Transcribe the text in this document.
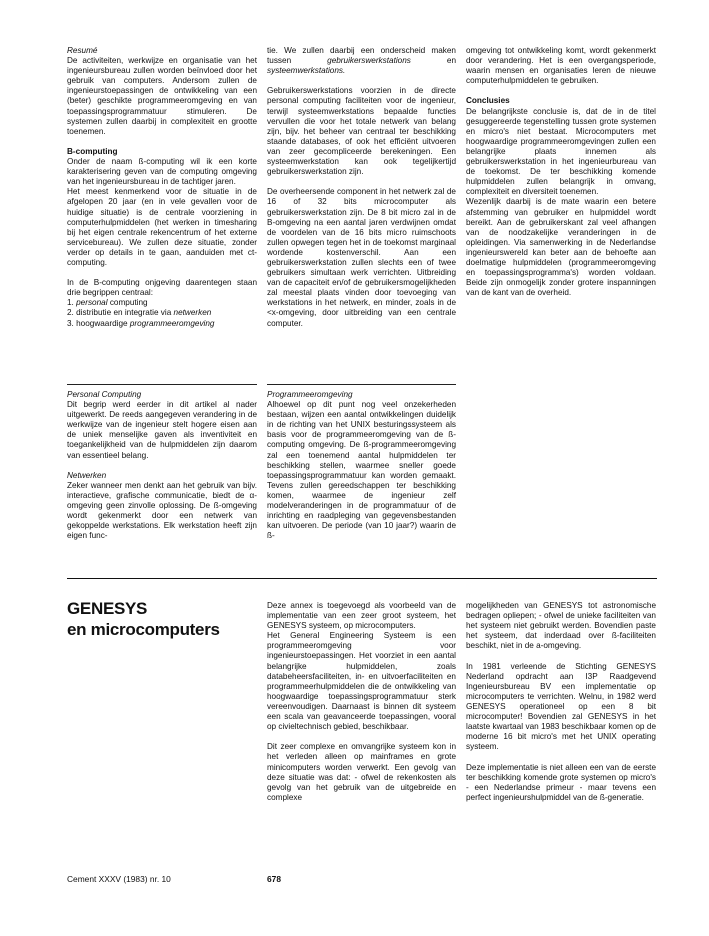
Resumé

De activiteiten, werkwijze en organisatie van het ingenieursbureau zullen worden beïnvloed door het gebruik van computers. Andersom zullen de ingenieurstoepassingen de ontwikkeling van een (beter) geschikte programmeeromgeving en van toepassingsprogrammatuur stimuleren. De systemen zullen daarbij in complexiteit en grootte toenemen.

B-computing

Onder de naam ß-computing wil ik een korte karakterisering geven van de computing omgeving van het ingenieursbureau in de tachtiger jaren.

Het meest kenmerkend voor de situatie in de afgelopen 20 jaar (en in vele gevallen voor de huidige situatie) is de centrale voorziening in computerhulpmiddelen (het werken in timesharing bij het eigen centrale rekencentrum of het externe servicebureau). We zullen deze situatie, zonder verder op details in te gaan, aanduiden met ct-computing.

In de B-computing onjgeving daarentegen staan drie begrippen centraal:

1. personal computing
2. distributie en integratie via netwerken
3. hoogwaardige programmeeromgeving
Personal Computing

Dit begrip werd eerder in dit artikel al nader uitgewerkt. De reeds aangegeven verandering in de werkwijze van de ingenieur stelt hogere eisen aan de uniek menselijke gaven als inventiviteit en toegankelijkheid van de hulpmiddelen zijn daarom van essentieel belang.

Netwerken

Zeker wanneer men denkt aan het gebruik van bijv. interactieve, grafische communicatie, biedt de α-omgeving geen zinvolle oplossing. De ß-omgeving wordt gekenmerkt door een netwerk van gekoppelde werkstations. Elk werkstation heeft zijn eigen func-

tie. We zullen daarbij een onderscheid maken tussen gebruikerswerkstations en systeemwerkstations.

Gebruikerswerkstations voorzien in de directe personal computing faciliteiten voor de ingenieur, terwijl systeemwerkstations bepaalde functies vervullen die voor het totale netwerk van belang zijn, bijv. het beheer van centraal ter beschikking staande databases, of ook het efficiënt uitvoeren van zeer gecompliceerde berekeningen. Een systeemwerkstation kan ook tegelijkertijd gebruikerswerkstation zijn.

De overheersende component in het netwerk zal de 16 of 32 bits microcomputer als gebruikerswerkstation zijn. De 8 bit micro zal in de B-omgeving na een aantal jaren verdwijnen omdat de voordelen van de 16 bits micro ruimschoots zullen opwegen tegen het in de toekomst marginaal wordende kostenverschil. Aan een gebruikerswerkstation zullen slechts een of twee gebruikers simultaan werk verrichten. Uitbreiding van de capaciteit en/of de gebruikersmogelijkheden zal meestal plaats vinden door toevoeging van werkstations in het netwerk, en minder, zoals in de <x-omgeving, door uitbreiding van een centrale computer.

Programmeeromgeving

Alhoewel op dit punt nog veel onzekerheden bestaan, wijzen een aantal ontwikkelingen duidelijk in de richting van het UNIX besturingssysteem als basis voor de programmeeromgeving van de ß-computing omgeving. De ß-programmeeromgeving zal een toenemend aantal hulpmiddelen ter beschikking stellen, waarmee sneller goede toepassingsprogrammatuur kan worden gemaakt. Tevens zullen gereedschappen ter beschikking komen, waarmee de ingenieur zelf modelveranderingen in de programmatuur of de inrichting en raadpleging van gegevensbestanden kan uitvoeren. De periode (van 10 jaar?) waarin de ß-

omgeving tot ontwikkeling komt, wordt gekenmerkt door verandering. Het is een overgangsperiode, waarin mensen en organisaties leren de nieuwe computerhulpmiddelen te gebruiken.

Conclusies

De belangrijkste conclusie is, dat de in de titel gesuggereerde tegenstelling tussen grote systemen en micro's niet bestaat. Microcomputers met hoogwaardige programmeeromgevingen zullen een belangrijke plaats innemen als gebruikerswerkstation in het ingenieurbureau van de toekomst. De ter beschikking komende hulpmiddelen zullen belangrijk in omvang, complexiteit en diversiteit toenemen.

Wezenlijk daarbij is de mate waarin een betere afstemming van gebruiker en hulpmiddel wordt bereikt. Aan de gebruikerskant zal veel afhangen van de noodzakelijke veranderingen in de opleidingen. Via samenwerking in de Nederlandse ingenieurswereld kan beter aan de behoefte aan doelmatige hulpmiddelen (programmeeromgeving en toepassingsprogramma's) worden voldaan. Beide zijn onmogelijk zonder grotere inspanningen van de kant van de overheid.

GENESYS
en microcomputers

Deze annex is toegevoegd als voorbeeld van de implementatie van een zeer groot systeem, het GENESYS systeem, op microcomputers.

Het General Engineering Systeem is een programmeeromgeving voor ingenieurstoepassingen. Het voorziet in een aantal belangrijke hulpmiddelen, zoals databeheersfaciliteiten, in- en uitvoerfaciliteiten en programmeerhulpmiddelen die de ontwikkeling van hoogwaardige toepassingsprogrammatuur sterk vereenvoudigen. Daarnaast is binnen dit systeem een scala van geavanceerde toepassingen, vooral op civieltechnisch gebied, beschikbaar.

Dit zeer complexe en omvangrijke systeem kon in het verleden alleen op mainframes en grote minicomputers worden verwerkt. Een gevolg van deze situatie was dat: - ofwel de rekenkosten als gevolg van het gebruik van de uitgebreide en complexe

mogelijkheden van GENESYS tot astronomische bedragen opliepen; - ofwel de unieke faciliteiten van het systeem niet gebruikt werden. Bovendien paste het systeem, dat inderdaad over ß-faciliteiten beschikt, niet in de a-omgeving.

In 1981 verleende de Stichting GENESYS Nederland opdracht aan I3P Raadgevend Ingenieursbureau BV een implementatie op microcomputers te verrichten. Welnu, in 1982 werd GENESYS operationeel op een 8 bit microcomputer! Bovendien zal GENESYS in het laatste kwartaal van 1983 beschikbaar komen op de moderne 16 bit micro's met het UNIX operating systeem.

Deze implementatie is niet alleen een van de eerste ter beschikking komende grote systemen op micro's - een Nederlandse primeur - maar tevens een perfect ingenieurshulpmiddel van de ß-generatie.

Cement XXXV (1983) nr. 10	678
